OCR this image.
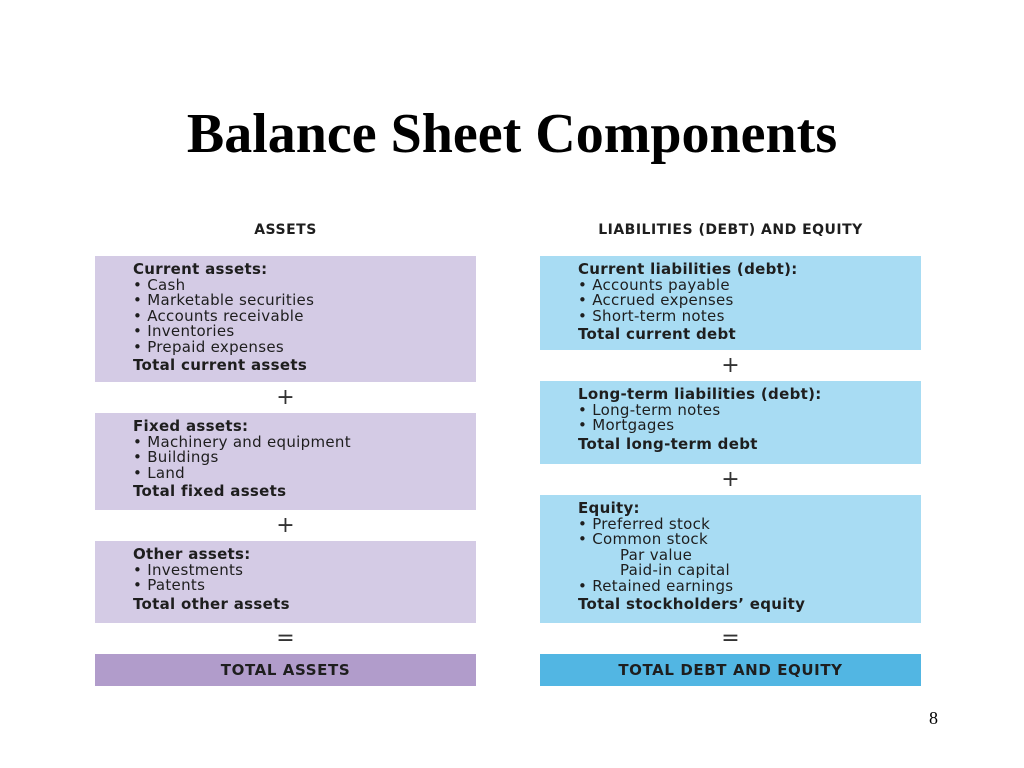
Balance Sheet Components
ASSETS
Current assets:
• Cash
• Marketable securities
• Accounts receivable
• Inventories
• Prepaid expenses
Total current assets
+
Fixed assets:
• Machinery and equipment
• Buildings
• Land
Total fixed assets
+
Other assets:
• Investments
• Patents
Total other assets
=
TOTAL ASSETS
LIABILITIES (DEBT) AND EQUITY
Current liabilities (debt):
• Accounts payable
• Accrued expenses
• Short-term notes
Total current debt
+
Long-term liabilities (debt):
• Long-term notes
• Mortgages
Total long-term debt
+
Equity:
• Preferred stock
• Common stock
Par value
Paid-in capital
• Retained earnings
Total stockholders’ equity
=
TOTAL DEBT AND EQUITY
8
